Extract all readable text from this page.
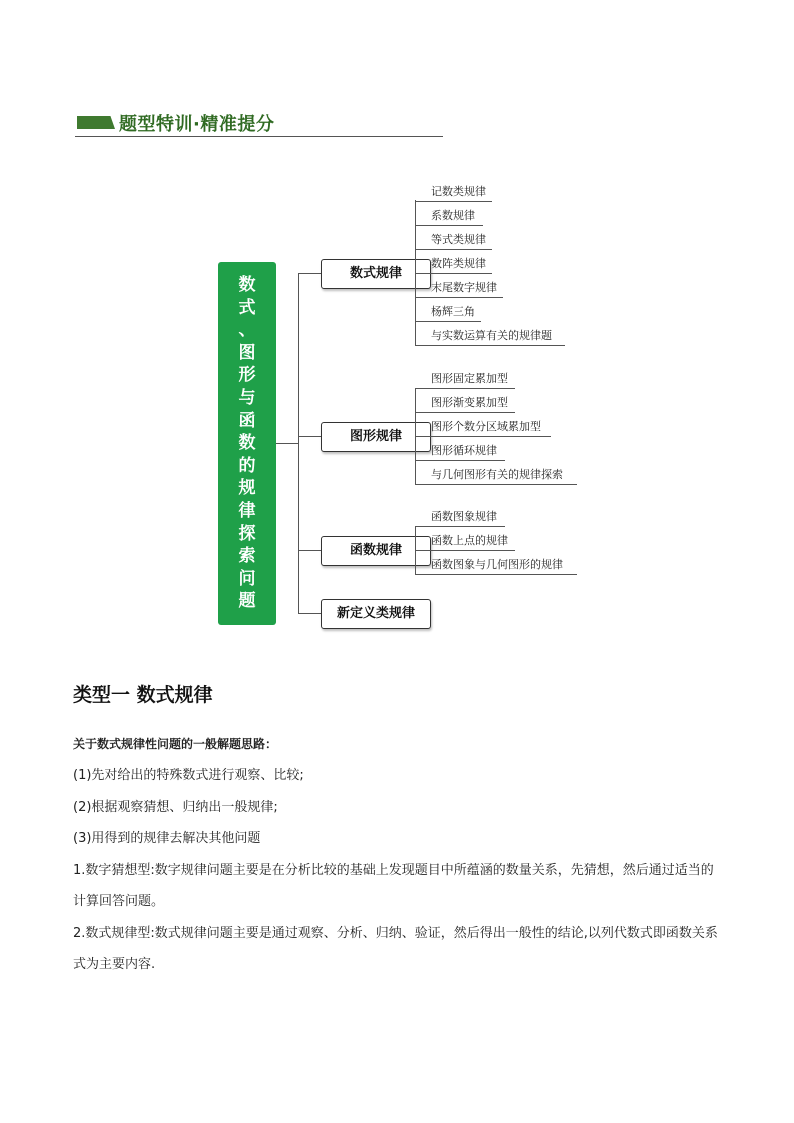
题型特训·精准提分
数
式
、
图
形
与
函
数
的
规
律
探
索
问
题
数式规律
图形规律
函数规律
新定义类规律
记数类规律
系数规律
等式类规律
数阵类规律
末尾数字规律
杨辉三角
与实数运算有关的规律题
图形固定累加型
图形渐变累加型
图形个数分区域累加型
图形循环规律
与几何图形有关的规律探索
函数图象规律
函数上点的规律
函数图象与几何图形的规律
类型一 数式规律
关于数式规律性问题的一般解题思路：

(1)先对给出的特殊数式进行观察、比较;

(2)根据观察猜想、归纳出一般规律;

(3)用得到的规律去解决其他问题

1.数字猜想型:数字规律问题主要是在分析比较的基础上发现题目中所蕴涵的数量关系，先猜想，然后通过适当的计算回答问题。

2.数式规律型:数式规律问题主要是通过观察、分析、归纳、验证，然后得出一般性的结论,以列代数式即函数关系式为主要内容.
